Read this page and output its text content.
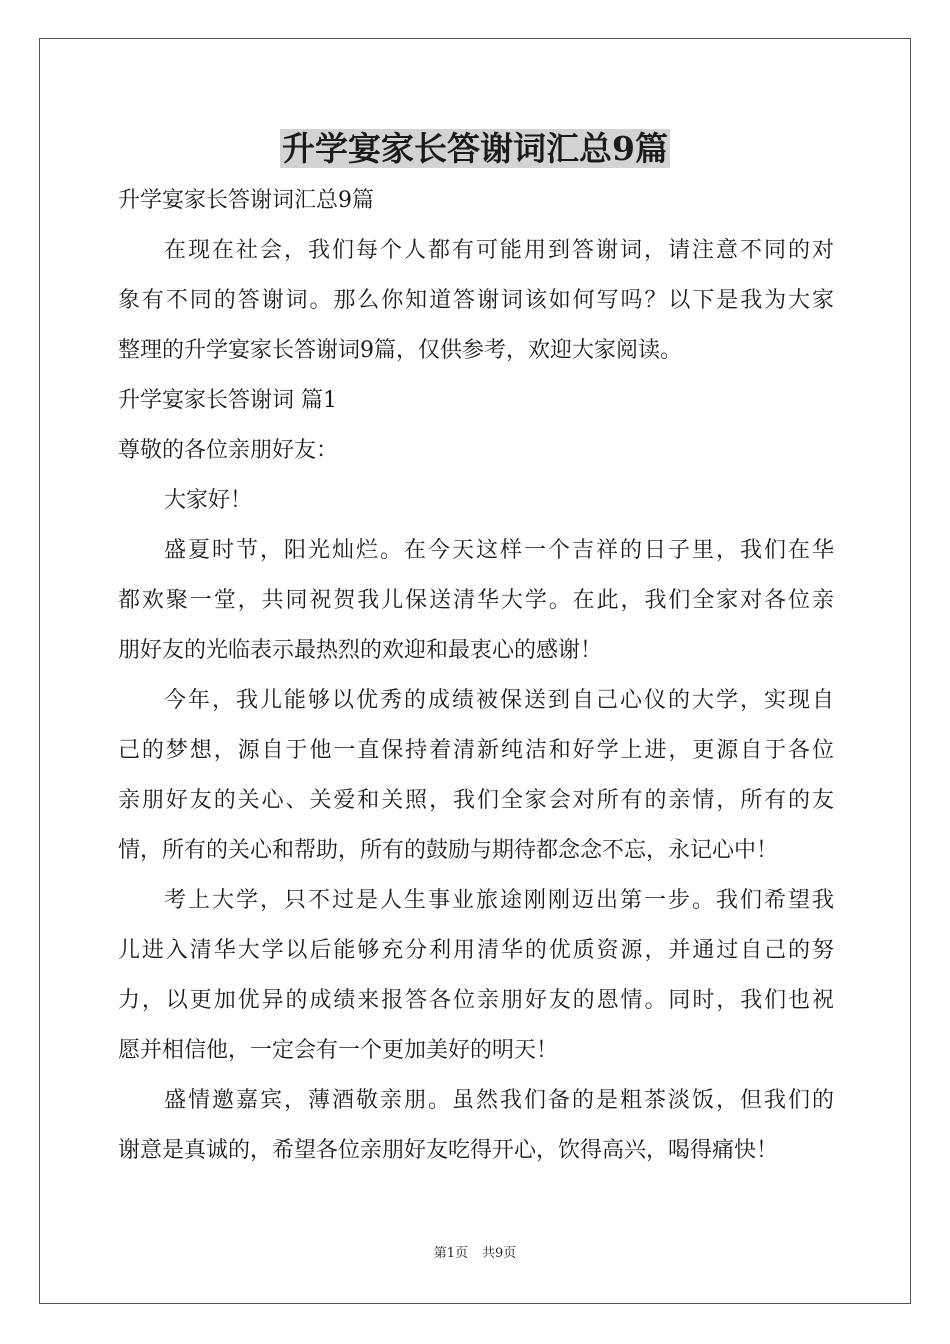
升学宴家长答谢词汇总9篇

升学宴家长答谢词汇总9篇

在现在社会，我们每个人都有可能用到答谢词，请注意不同的对

象有不同的答谢词。那么你知道答谢词该如何写吗？以下是我为大家

整理的升学宴家长答谢词9篇，仅供参考，欢迎大家阅读。

升学宴家长答谢词 篇1

尊敬的各位亲朋好友：

大家好！

盛夏时节，阳光灿烂。在今天这样一个吉祥的日子里，我们在华

都欢聚一堂，共同祝贺我儿保送清华大学。在此，我们全家对各位亲

朋好友的光临表示最热烈的欢迎和最衷心的感谢！

今年，我儿能够以优秀的成绩被保送到自己心仪的大学，实现自

己的梦想，源自于他一直保持着清新纯洁和好学上进，更源自于各位

亲朋好友的关心、关爱和关照，我们全家会对所有的亲情，所有的友

情，所有的关心和帮助，所有的鼓励与期待都念念不忘，永记心中！

考上大学，只不过是人生事业旅途刚刚迈出第一步。我们希望我

儿进入清华大学以后能够充分利用清华的优质资源，并通过自己的努

力，以更加优异的成绩来报答各位亲朋好友的恩情。同时，我们也祝

愿并相信他，一定会有一个更加美好的明天！

盛情邀嘉宾，薄酒敬亲朋。虽然我们备的是粗茶淡饭，但我们的

谢意是真诚的，希望各位亲朋好友吃得开心，饮得高兴，喝得痛快！

第1页 共9页
